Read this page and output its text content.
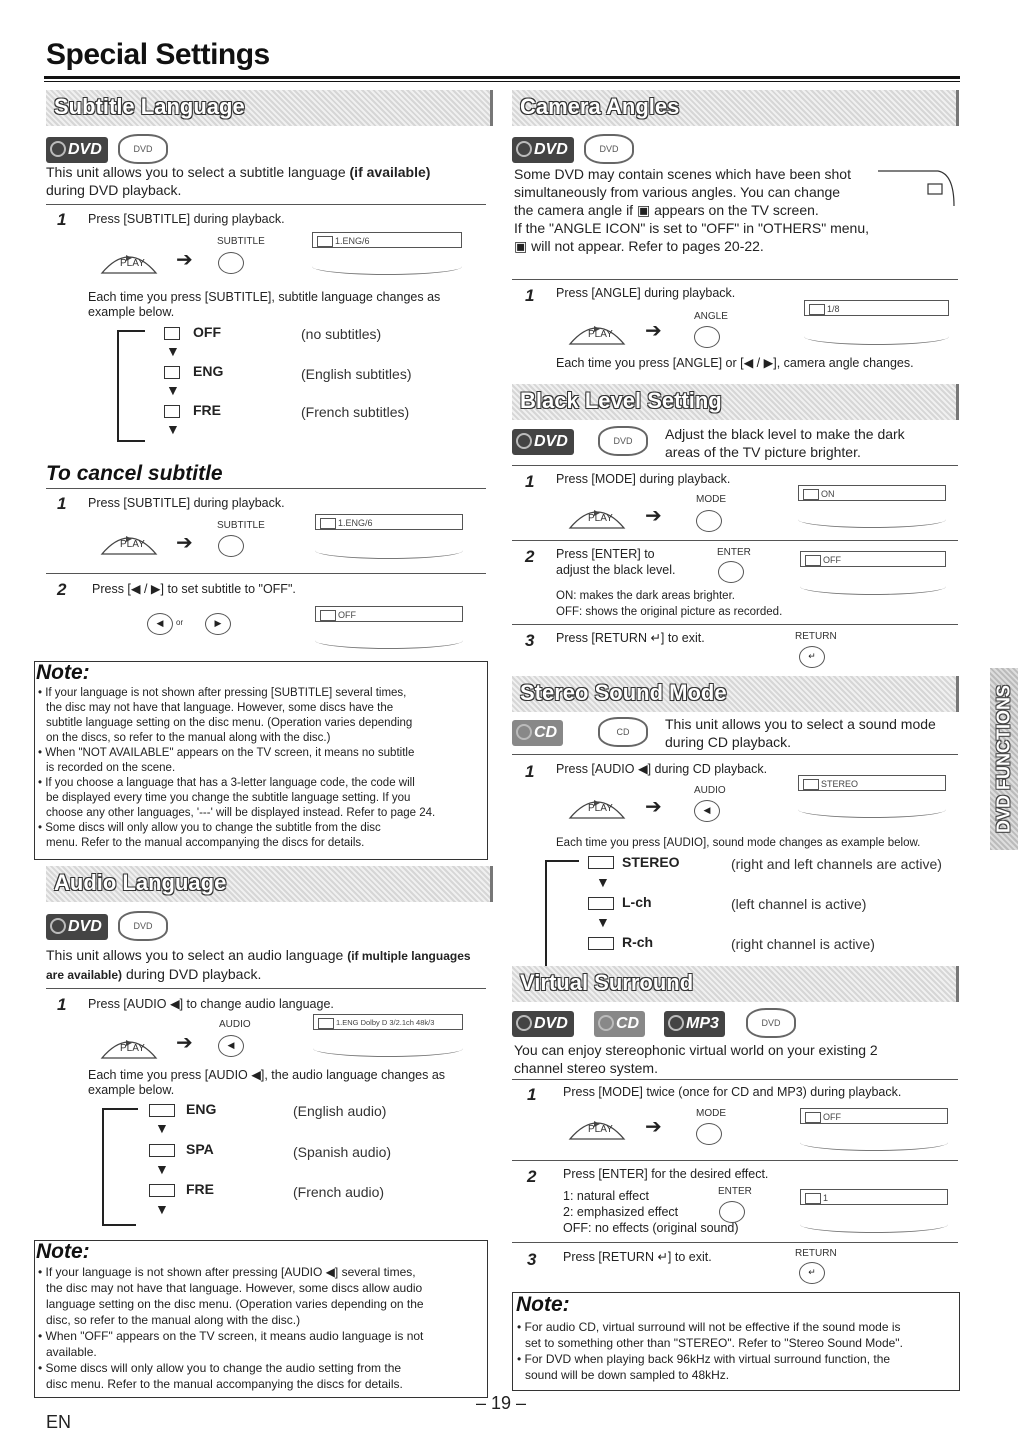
Special Settings
Subtitle Language
DVD	DVD
This unit allows you to select a subtitle language (if available)
during DVD playback.
1 Press [SUBTITLE] during playback.
PLAY ➔
SUBTITLE	1.ENG/6
Each time you press [SUBTITLE], subtitle language changes as example below.
OFF	(no subtitles)
▼
ENG	(English subtitles)
▼
FRE	(French subtitles)
▼
To cancel subtitle
1 Press [SUBTITLE] during playback.
PLAY ➔
SUBTITLE	1.ENG/6
2 Press [◀ / ▶] to set subtitle to "OFF".
◀	or	▶
OFF
Note:
• If your language is not shown after pressing [SUBTITLE] several times,
the disc may not have that language. However, some discs have the
subtitle language setting on the disc menu. (Operation varies depending
on the discs, so refer to the manual along with the disc.)
• When "NOT AVAILABLE" appears on the TV screen, it means no subtitle
is recorded on the scene.
• If you choose a language that has a 3-letter language code, the code will
be displayed every time you change the subtitle language setting. If you
choose any other languages, '---' will be displayed instead. Refer to page 24.
• Some discs will only allow you to change the subtitle from the disc
menu. Refer to the manual accompanying the discs for details.
Audio Language
DVD	DVD
This unit allows you to select an audio language (if multiple languages are available) during DVD playback.
1 Press [AUDIO ◀] to change audio language.
PLAY ➔
AUDIO
◀
1.ENG Dolby D 3/2.1ch 48k/3
Each time you press [AUDIO ◀], the audio language changes as example below.
ENG	(English audio)
▼
SPA	(Spanish audio)
▼
FRE	(French audio)
▼
Note:
• If your language is not shown after pressing [AUDIO ◀] several times,
the disc may not have that language. However, some discs allow audio
language setting on the disc menu. (Operation varies depending on the
disc, so refer to the manual along with the disc.)
• When "OFF" appears on the TV screen, it means audio language is not
available.
• Some discs will only allow you to change the audio setting from the
disc menu. Refer to the manual accompanying the discs for details.
Camera Angles
DVD	DVD
Some DVD may contain scenes which have been shot
simultaneously from various angles. You can change
the camera angle if ▣ appears on the TV screen.
If the "ANGLE ICON" is set to "OFF" in "OTHERS" menu,
▣ will not appear. Refer to pages 20-22.
1 Press [ANGLE] during playback.
PLAY ➔
ANGLE
1/8
Each time you press [ANGLE] or [◀ / ▶], camera angle changes.
Black Level Setting
DVD	DVD	Adjust the black level to make the dark
areas of the TV picture brighter.
1 Press [MODE] during playback.
PLAY ➔
MODE	ON
2 Press [ENTER] to
adjust the black level.
ENTER
OFF
ON: makes the dark areas brighter.
OFF: shows the original picture as recorded.
3 Press [RETURN ↵] to exit.	RETURN
↵
Stereo Sound Mode
CD	CD	This unit allows you to select a sound mode
during CD playback.
1 Press [AUDIO ◀] during CD playback.
PLAY ➔
AUDIO
◀
STEREO
Each time you press [AUDIO], sound mode changes as example below.
STEREO	(right and left channels are active)
▼
L-ch	(left channel is active)
▼
R-ch	(right channel is active)
Virtual Surround
DVD	CD	MP3	DVD
You can enjoy stereophonic virtual world on your existing 2
channel stereo system.
1 Press [MODE] twice (once for CD and MP3) during playback.
PLAY ➔
MODE	OFF
2 Press [ENTER] for the desired effect.
1: natural effect
2: emphasized effect
OFF: no effects (original sound)
ENTER
1
3 Press [RETURN ↵] to exit.	RETURN
↵
Note:
• For audio CD, virtual surround will not be effective if the sound mode is
set to something other than "STEREO". Refer to "Stereo Sound Mode".
• For DVD when playing back 96kHz with virtual surround function, the
sound will be down sampled to 48kHz.
DVD FUNCTIONS
– 19 –
EN
